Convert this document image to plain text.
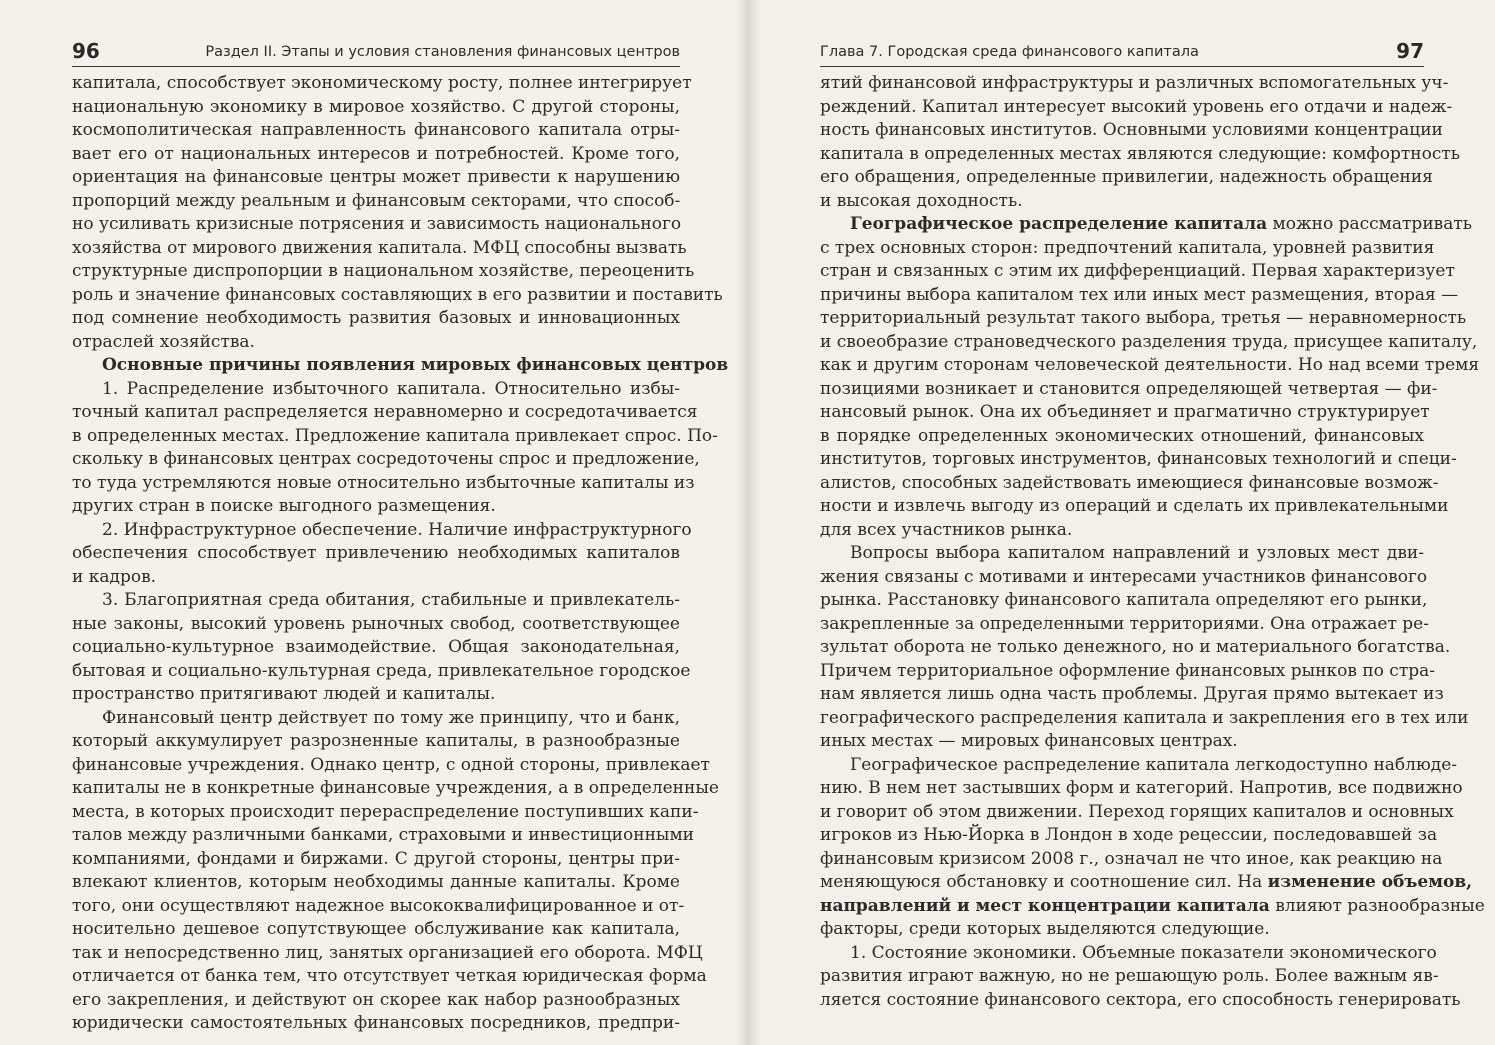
96	Раздел II. Этапы и условия становления финансовых центров
капитала, способствует экономическому росту, полнее интегрирует
национальную экономику в мировое хозяйство. С другой стороны,
космополитическая направленность финансового капитала отры-
вает его от национальных интересов и потребностей. Кроме того,
ориентация на финансовые центры может привести к нарушению
пропорций между реальным и финансовым секторами, что способ-
но усиливать кризисные потрясения и зависимость национального
хозяйства от мирового движения капитала. МФЦ способны вызвать
структурные диспропорции в национальном хозяйстве, переоценить
роль и значение финансовых составляющих в его развитии и поставить
под сомнение необходимость развития базовых и инновационных
отраслей хозяйства.
Основные причины появления мировых финансовых центров
1. Распределение избыточного капитала. Относительно избы-
точный капитал распределяется неравномерно и сосредотачивается
в определенных местах. Предложение капитала привлекает спрос. По-
скольку в финансовых центрах сосредоточены спрос и предложение,
то туда устремляются новые относительно избыточные капиталы из
других стран в поиске выгодного размещения.
2. Инфраструктурное обеспечение. Наличие инфраструктурного
обеспечения способствует привлечению необходимых капиталов
и кадров.
3. Благоприятная среда обитания, стабильные и привлекатель-
ные законы, высокий уровень рыночных свобод, соответствующее
социально-культурное взаимодействие. Общая законодательная,
бытовая и социально-культурная среда, привлекательное городское
пространство притягивают людей и капиталы.
Финансовый центр действует по тому же принципу, что и банк,
который аккумулирует разрозненные капиталы, в разнообразные
финансовые учреждения. Однако центр, с одной стороны, привлекает
капиталы не в конкретные финансовые учреждения, а в определенные
места, в которых происходит перераспределение поступивших капи-
талов между различными банками, страховыми и инвестиционными
компаниями, фондами и биржами. С другой стороны, центры при-
влекают клиентов, которым необходимы данные капиталы. Кроме
того, они осуществляют надежное высококвалифицированное и от-
носительно дешевое сопутствующее обслуживание как капитала,
так и непосредственно лиц, занятых организацией его оборота. МФЦ
отличается от банка тем, что отсутствует четкая юридическая форма
его закрепления, и действуют он скорее как набор разнообразных
юридически самостоятельных финансовых посредников, предпри-
Глава 7. Городская среда финансового капитала	97
ятий финансовой инфраструктуры и различных вспомогательных уч-
реждений. Капитал интересует высокий уровень его отдачи и надеж-
ность финансовых институтов. Основными условиями концентрации
капитала в определенных местах являются следующие: комфортность
его обращения, определенные привилегии, надежность обращения
и высокая доходность.
Географическое распределение капитала можно рассматривать
с трех основных сторон: предпочтений капитала, уровней развития
стран и связанных с этим их дифференциаций. Первая характеризует
причины выбора капиталом тех или иных мест размещения, вторая —
территориальный результат такого выбора, третья — неравномерность
и своеобразие страноведческого разделения труда, присущее капиталу,
как и другим сторонам человеческой деятельности. Но над всеми тремя
позициями возникает и становится определяющей четвертая — фи-
нансовый рынок. Она их объединяет и прагматично структурирует
в порядке определенных экономических отношений, финансовых
институтов, торговых инструментов, финансовых технологий и специ-
алистов, способных задействовать имеющиеся финансовые возмож-
ности и извлечь выгоду из операций и сделать их привлекательными
для всех участников рынка.
Вопросы выбора капиталом направлений и узловых мест дви-
жения связаны с мотивами и интересами участников финансового
рынка. Расстановку финансового капитала определяют его рынки,
закрепленные за определенными территориями. Она отражает ре-
зультат оборота не только денежного, но и материального богатства.
Причем территориальное оформление финансовых рынков по стра-
нам является лишь одна часть проблемы. Другая прямо вытекает из
географического распределения капитала и закрепления его в тех или
иных местах — мировых финансовых центрах.
Географическое распределение капитала легкодоступно наблюде-
нию. В нем нет застывших форм и категорий. Напротив, все подвижно
и говорит об этом движении. Переход горящих капиталов и основных
игроков из Нью-Йорка в Лондон в ходе рецессии, последовавшей за
финансовым кризисом 2008 г., означал не что иное, как реакцию на
меняющуюся обстановку и соотношение сил. На изменение объемов,
направлений и мест концентрации капитала влияют разнообразные
факторы, среди которых выделяются следующие.
1. Состояние экономики. Объемные показатели экономического
развития играют важную, но не решающую роль. Более важным яв-
ляется состояние финансового сектора, его способность генерировать
